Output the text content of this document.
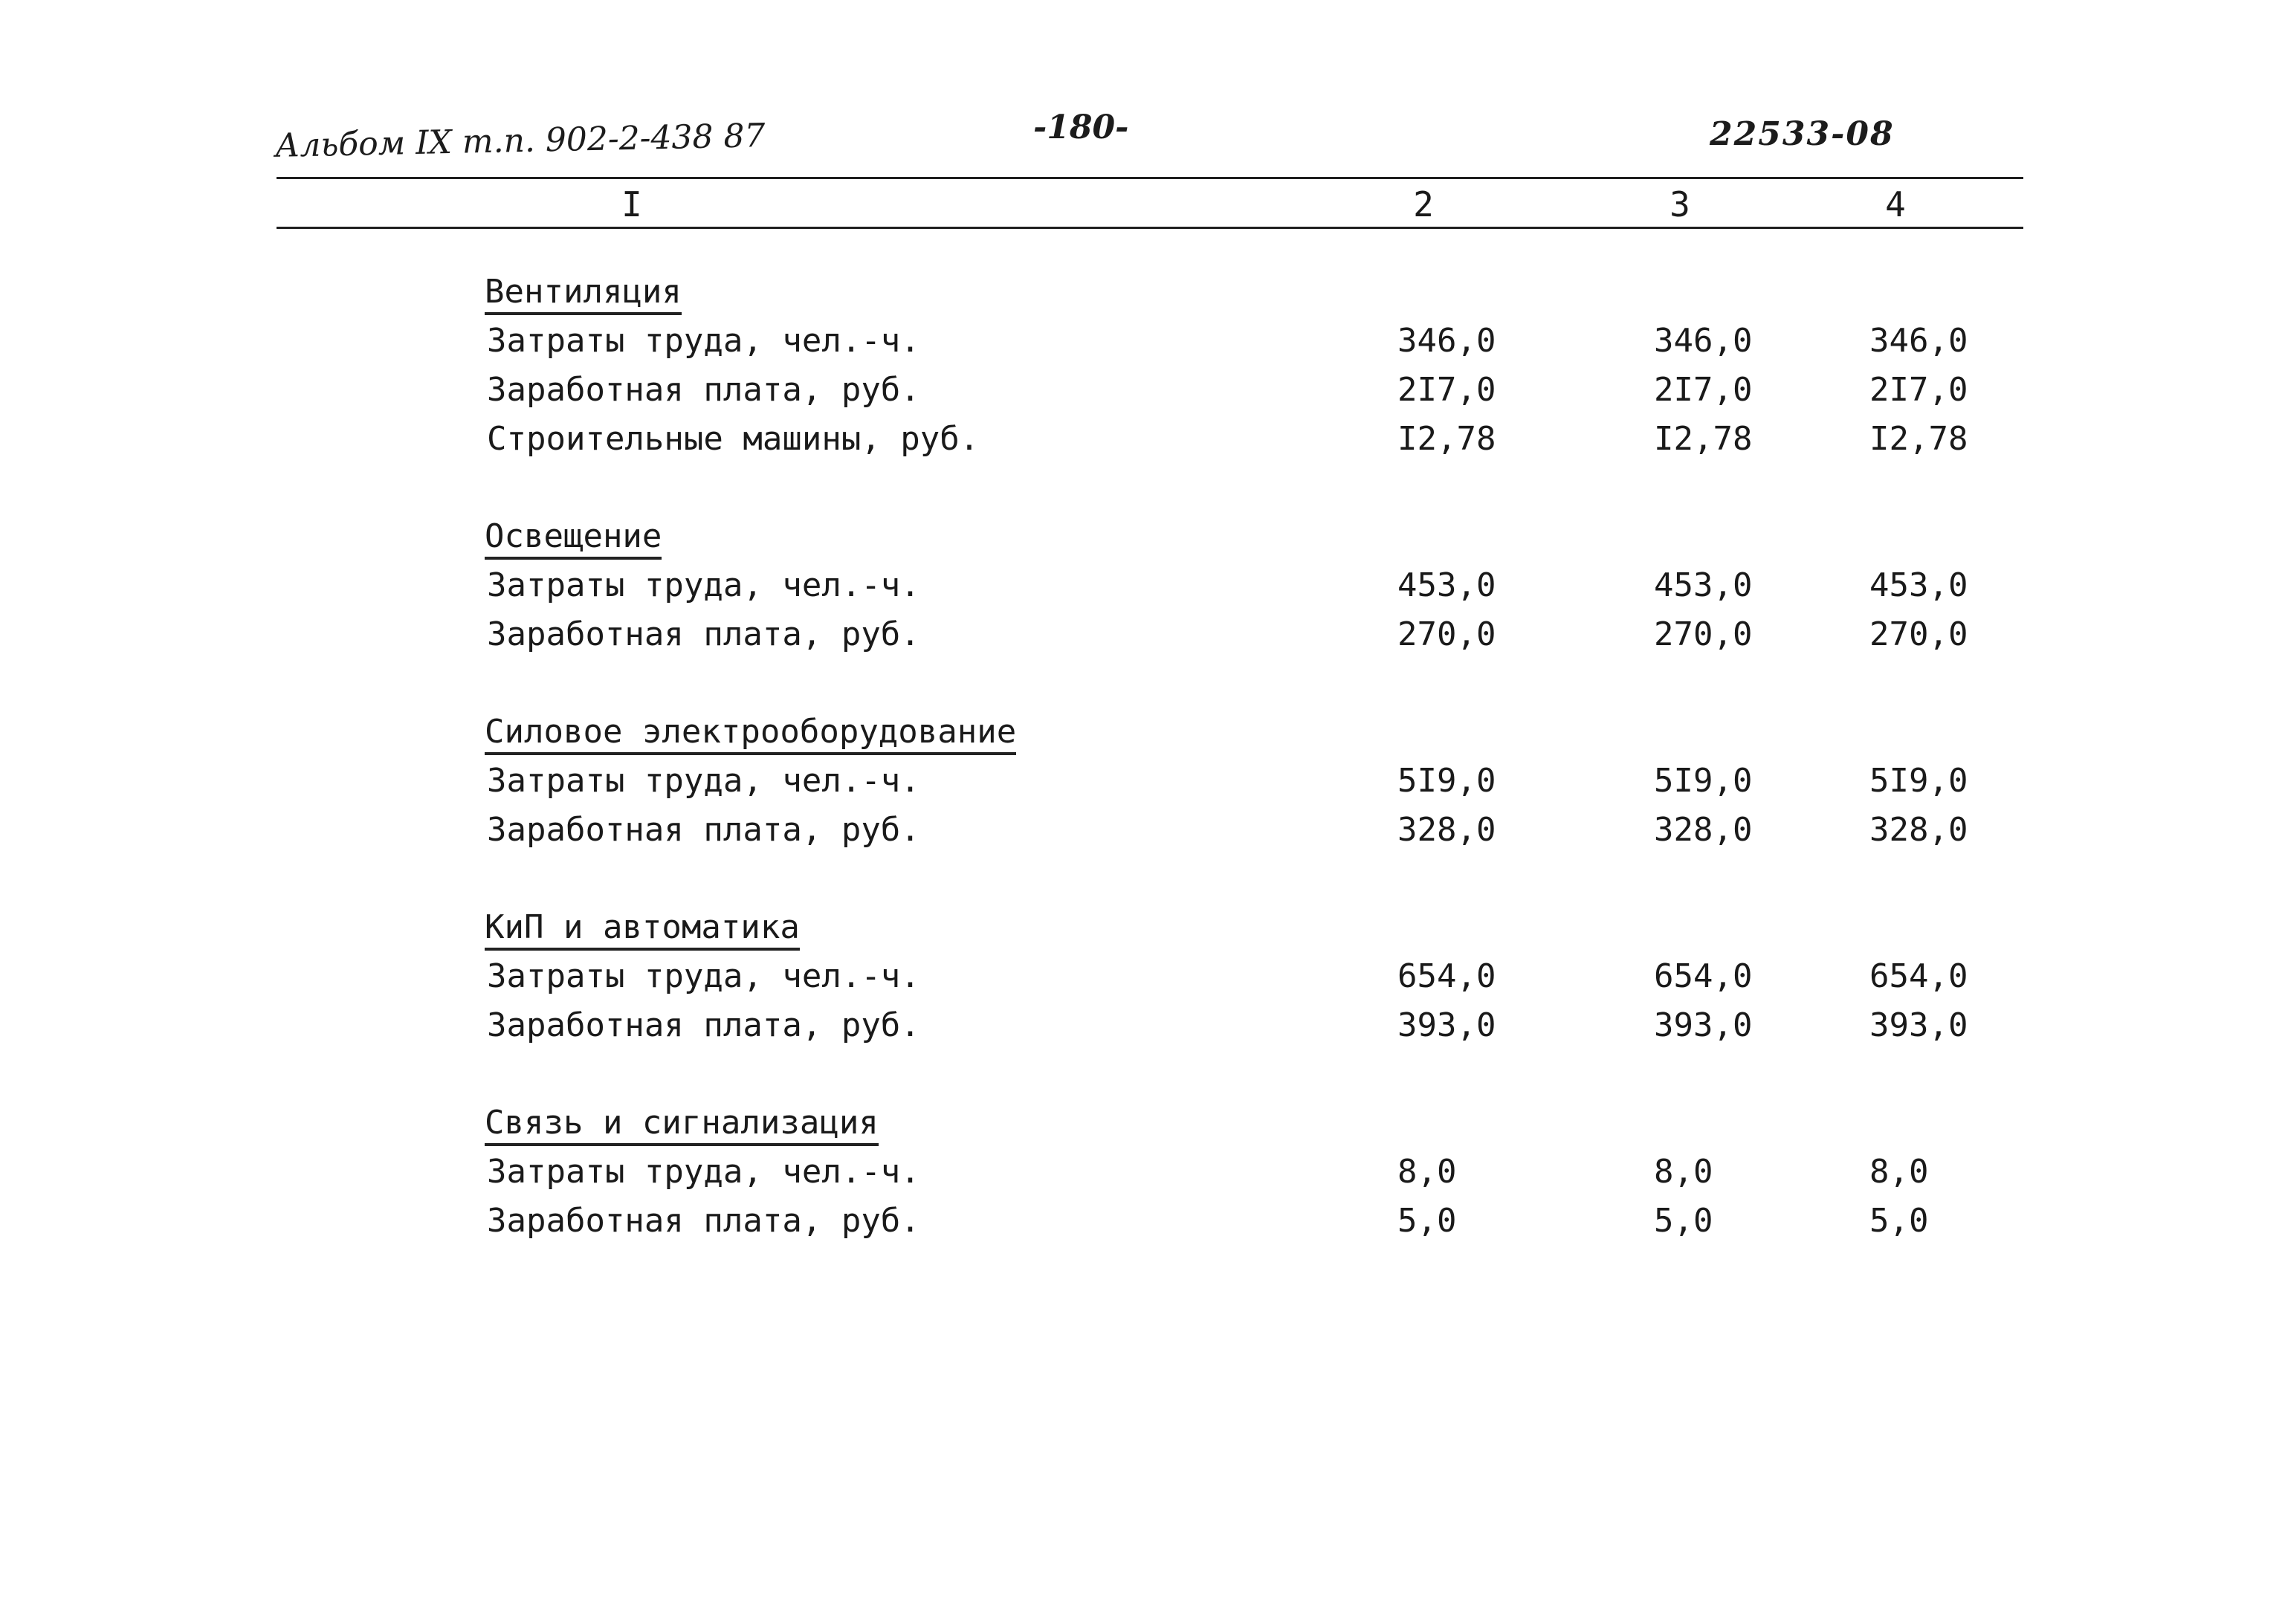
Альбом IX т.п. 902-2-438 87	-180-	22533-08
I	2	3	4
Вентиляция
Затраты труда, чел.-ч.	346,0	346,0	346,0
Заработная плата, руб.	2I7,0	2I7,0	2I7,0
Строительные машины, руб.	I2,78	I2,78	I2,78
Освещение
Затраты труда, чел.-ч.	453,0	453,0	453,0
Заработная плата, руб.	270,0	270,0	270,0
Силовое электрооборудование
Затраты труда, чел.-ч.	5I9,0	5I9,0	5I9,0
Заработная плата, руб.	328,0	328,0	328,0
КиП и автоматика
Затраты труда, чел.-ч.	654,0	654,0	654,0
Заработная плата, руб.	393,0	393,0	393,0
Связь и сигнализация
Затраты труда, чел.-ч.	8,0	8,0	8,0
Заработная плата, руб.	5,0	5,0	5,0
